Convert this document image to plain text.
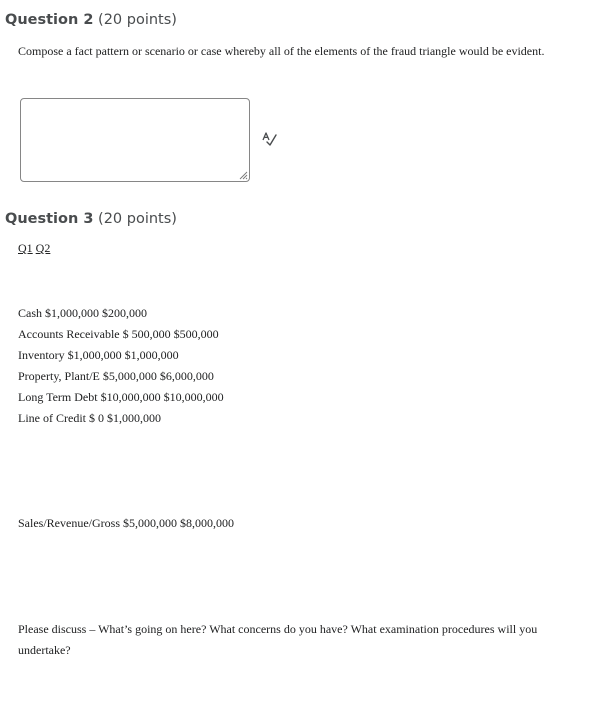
Question 2 (20 points)

Compose a fact pattern or scenario or case whereby all of the elements of the fraud triangle would be evident.

Question 3 (20 points)
Q1 Q2
Cash $1,000,000 $200,000
Accounts Receivable $ 500,000 $500,000
Inventory $1,000,000 $1,000,000
Property, Plant/E $5,000,000 $6,000,000
Long Term Debt $10,000,000 $10,000,000
Line of Credit $ 0 $1,000,000
Sales/Revenue/Gross $5,000,000 $8,000,000

Please discuss – What’s going on here? What concerns do you have? What examination procedures will you undertake?
